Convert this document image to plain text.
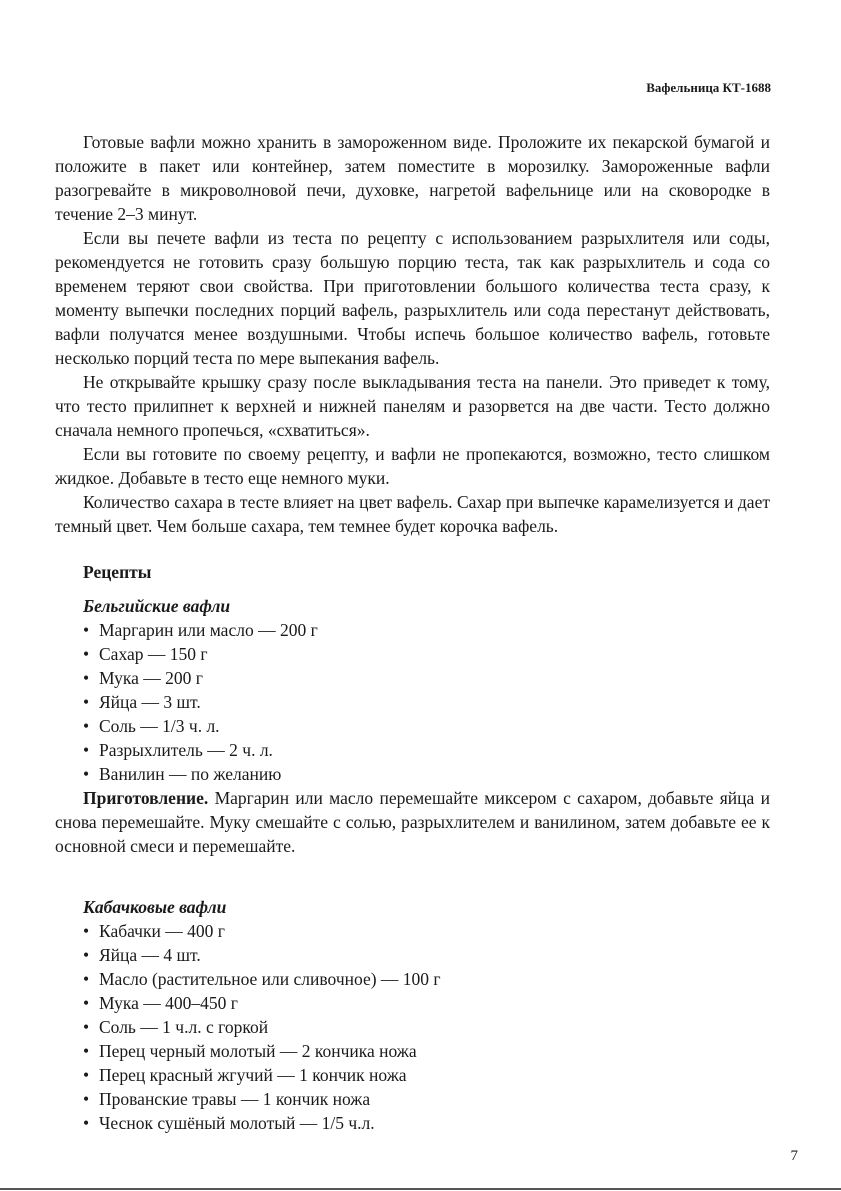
Вафельница КТ-1688

Готовые вафли можно хранить в замороженном виде. Проложите их пекарской бумагой и положите в пакет или контейнер, затем поместите в морозилку. Замороженные вафли разогревайте в микроволновой печи, духовке, нагретой вафельнице или на сковородке в течение 2–3 минут.

Если вы печете вафли из теста по рецепту с использованием разрыхлителя или соды, рекомендуется не готовить сразу большую порцию теста, так как разрыхлитель и сода со временем теряют свои свойства. При приготовлении большого количества теста сразу, к моменту выпечки последних порций вафель, разрыхлитель или сода перестанут действовать, вафли получатся менее воздушными. Чтобы испечь большое количество вафель, готовьте несколько порций теста по мере выпекания вафель.

Не открывайте крышку сразу после выкладывания теста на панели. Это приведет к тому, что тесто прилипнет к верхней и нижней панелям и разорвется на две части. Тесто должно сначала немного пропечься, «схватиться».

Если вы готовите по своему рецепту, и вафли не пропекаются, возможно, тесто слишком жидкое. Добавьте в тесто еще немного муки.

Количество сахара в тесте влияет на цвет вафель. Сахар при выпечке карамелизуется и дает темный цвет. Чем больше сахара, тем темнее будет корочка вафель.

Рецепты
Бельгийские вафли
• Маргарин или масло — 200 г
• Сахар — 150 г
• Мука — 200 г
• Яйца — 3 шт.
• Соль — 1/3 ч. л.
• Разрыхлитель — 2 ч. л.
• Ванилин — по желанию

Приготовление. Маргарин или масло перемешайте миксером с сахаром, добавьте яйца и снова перемешайте. Муку смешайте с солью, разрыхлителем и ванилином, затем добавьте ее к основной смеси и перемешайте.

Кабачковые вафли
• Кабачки — 400 г
• Яйца — 4 шт.
• Масло (растительное или сливочное) — 100 г
• Мука — 400–450 г
• Соль — 1 ч.л. с горкой
• Перец черный молотый — 2 кончика ножа
• Перец красный жгучий — 1 кончик ножа
• Прованские травы — 1 кончик ножа
• Чеснок сушёный молотый — 1/5 ч.л.
7
